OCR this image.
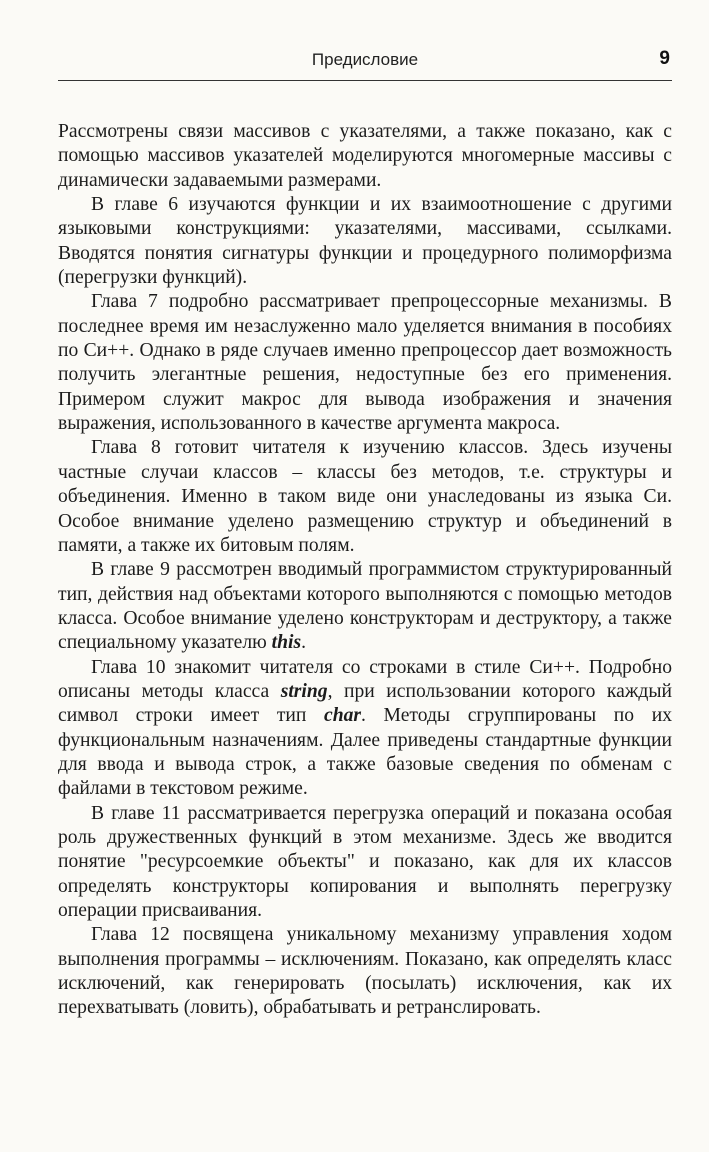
Предисловие	9

Рассмотрены связи массивов с указателями, а также показано, как с помощью массивов указателей моделируются многомерные массивы с динамически задаваемыми размерами.

В главе 6 изучаются функции и их взаимоотношение с другими языковыми конструкциями: указателями, массивами, ссылками. Вводятся понятия сигнатуры функции и процедурного полиморфизма (перегрузки функций).

Глава 7 подробно рассматривает препроцессорные механизмы. В последнее время им незаслуженно мало уделяется внимания в пособиях по Си++. Однако в ряде случаев именно препроцессор дает возможность получить элегантные решения, недоступные без его применения. Примером служит макрос для вывода изображения и значения выражения, использованного в качестве аргумента макроса.

Глава 8 готовит читателя к изучению классов. Здесь изучены частные случаи классов – классы без методов, т.е. структуры и объединения. Именно в таком виде они унаследованы из языка Си. Особое внимание уделено размещению структур и объединений в памяти, а также их битовым полям.

В главе 9 рассмотрен вводимый программистом структурированный тип, действия над объектами которого выполняются с помощью методов класса. Особое внимание уделено конструкторам и деструктору, а также специальному указателю this.

Глава 10 знакомит читателя со строками в стиле Си++. Подробно описаны методы класса string, при использовании которого каждый символ строки имеет тип char. Методы сгруппированы по их функциональным назначениям. Далее приведены стандартные функции для ввода и вывода строк, а также базовые сведения по обменам с файлами в текстовом режиме.

В главе 11 рассматривается перегрузка операций и показана особая роль дружественных функций в этом механизме. Здесь же вводится понятие "ресурсоемкие объекты" и показано, как для их классов определять конструкторы копирования и выполнять перегрузку операции присваивания.

Глава 12 посвящена уникальному механизму управления ходом выполнения программы – исключениям. Показано, как определять класс исключений, как генерировать (посылать) исключения, как их перехватывать (ловить), обрабатывать и ретранслировать.
